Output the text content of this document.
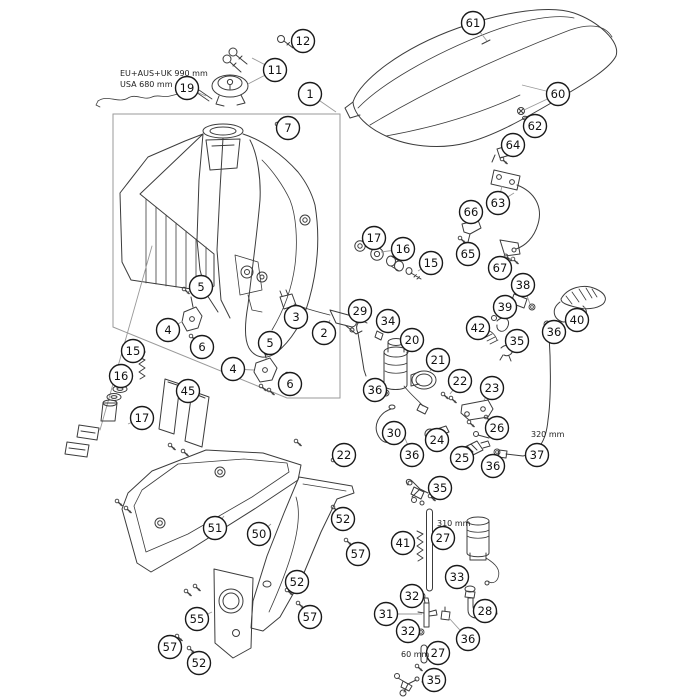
19
11
12
1
7
61
60
62
64
63
66
65
67
17
16
15
38
39
42
40
36
35
3
2
29
34
20
21
22 23
36
30 24
26
25
36
36
37
5
4
6	5
4
6
15
16
17
45
22
51	50
52
57
52
57
55
57
52
35
41 27
33
32
31
32
28
36
27
35
EU+AUS+UK 990 mm
USA 680 mm
320 mm
310 mm
60 mm
